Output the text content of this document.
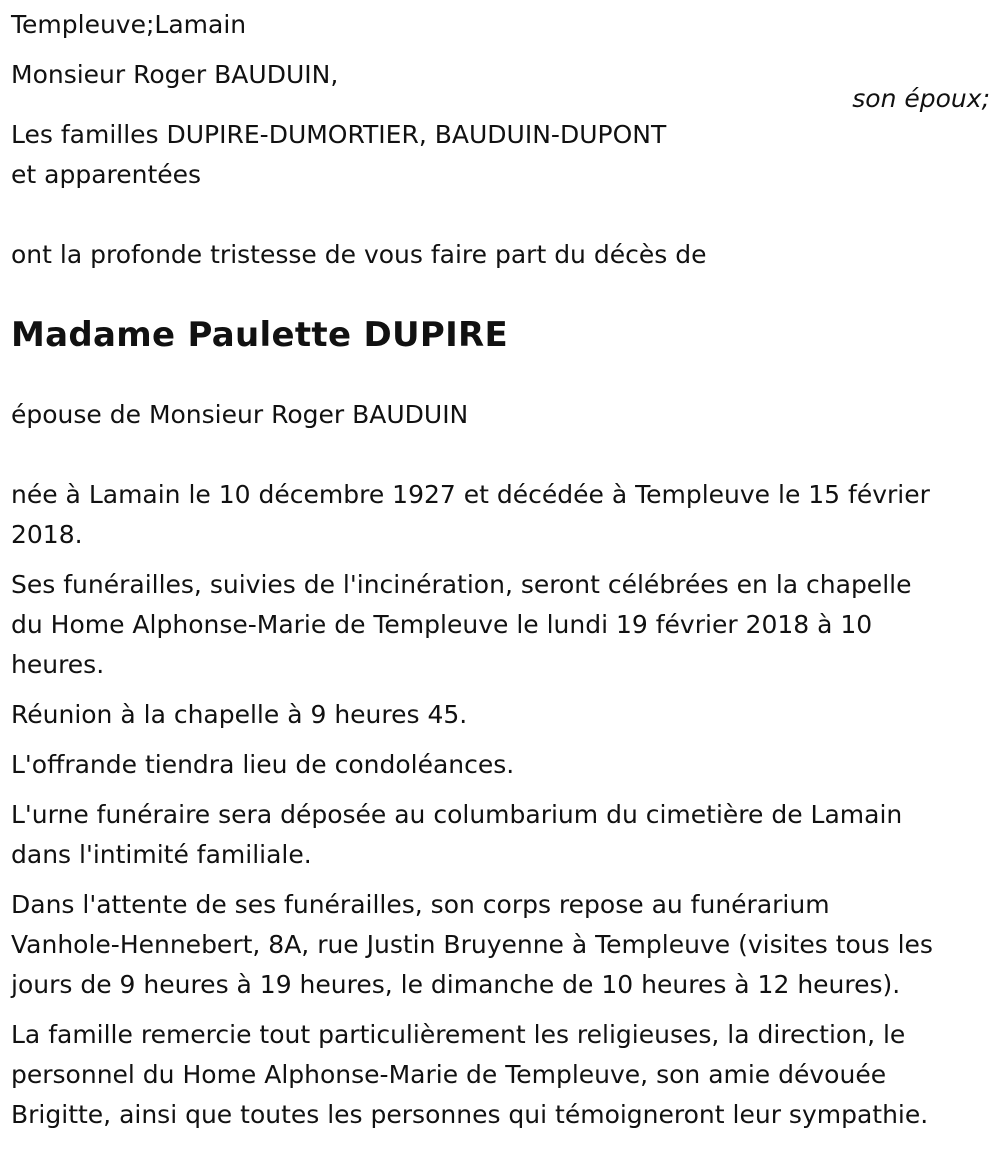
Templeuve;Lamain
Monsieur Roger BAUDUIN,
son époux;
Les familles DUPIRE-DUMORTIER, BAUDUIN-DUPONT
et apparentées
ont la profonde tristesse de vous faire part du décès de
Madame Paulette DUPIRE
épouse de Monsieur Roger BAUDUIN
née à Lamain le 10 décembre 1927 et décédée à Templeuve le 15 février
2018.
Ses funérailles, suivies de l'incinération, seront célébrées en la chapelle
du Home Alphonse-Marie de Templeuve le lundi 19 février 2018 à 10
heures.
Réunion à la chapelle à 9 heures 45.
L'offrande tiendra lieu de condoléances.
L'urne funéraire sera déposée au columbarium du cimetière de Lamain
dans l'intimité familiale.
Dans l'attente de ses funérailles, son corps repose au funérarium
Vanhole-Hennebert, 8A, rue Justin Bruyenne à Templeuve (visites tous les
jours de 9 heures à 19 heures, le dimanche de 10 heures à 12 heures).
La famille remercie tout particulièrement les religieuses, la direction, le
personnel du Home Alphonse-Marie de Templeuve, son amie dévouée
Brigitte, ainsi que toutes les personnes qui témoigneront leur sympathie.
